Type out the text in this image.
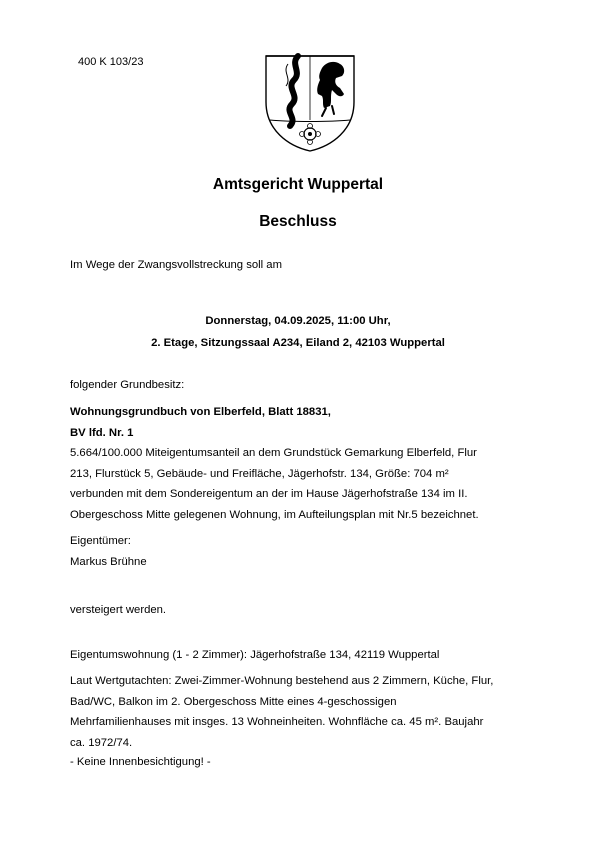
400 K 103/23
Amtsgericht Wuppertal
Beschluss
Im Wege der Zwangsvollstreckung soll am
Donnerstag, 04.09.2025, 11:00 Uhr,
2. Etage, Sitzungssaal A234, Eiland 2, 42103 Wuppertal
folgender Grundbesitz:
Wohnungsgrundbuch von Elberfeld, Blatt 18831,
BV lfd. Nr. 1
5.664/100.000 Miteigentumsanteil an dem Grundstück Gemarkung Elberfeld, Flur
213, Flurstück 5, Gebäude- und Freifläche, Jägerhofstr. 134, Größe: 704 m²
verbunden mit dem Sondereigentum an der im Hause Jägerhofstraße 134 im II.
Obergeschoss Mitte gelegenen Wohnung, im Aufteilungsplan mit Nr.5 bezeichnet.
Eigentümer:
Markus Brühne
versteigert werden.
Eigentumswohnung (1 - 2 Zimmer): Jägerhofstraße 134, 42119 Wuppertal
Laut Wertgutachten: Zwei-Zimmer-Wohnung bestehend aus 2 Zimmern, Küche, Flur,
Bad/WC, Balkon im 2. Obergeschoss Mitte eines 4-geschossigen
Mehrfamilienhauses mit insges. 13 Wohneinheiten. Wohnfläche ca. 45 m². Baujahr
ca. 1972/74.
- Keine Innenbesichtigung! -
